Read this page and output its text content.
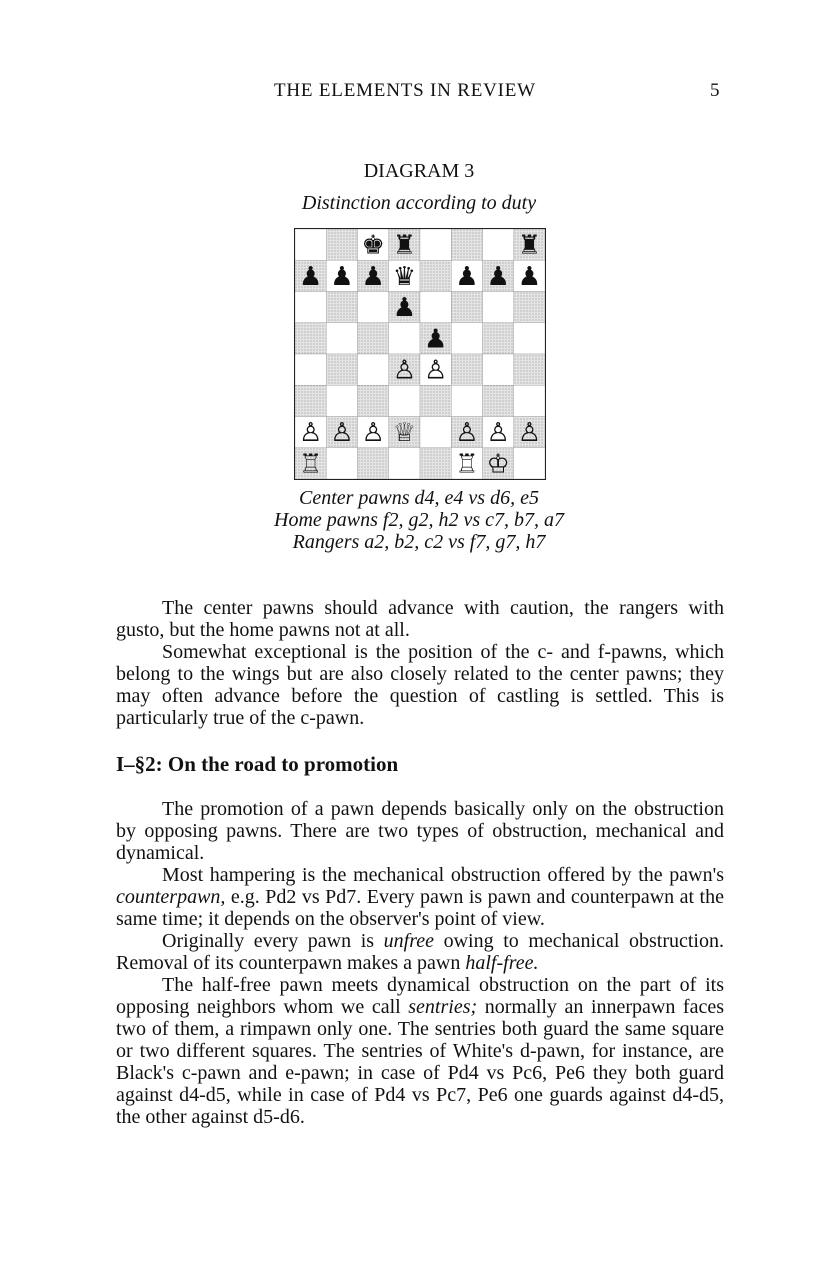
THE ELEMENTS IN REVIEW	5
DIAGRAM 3
Distinction according to duty
♚ ♜	♜
♟ ♟ ♟ ♛ ♟ ♟ ♟
♟
♟
♙ ♙
♙ ♙ ♙ ♕ ♙ ♙ ♙
♖	♖ ♔
Center pawns d4, e4 vs d6, e5
Home pawns f2, g2, h2 vs c7, b7, a7
Rangers a2, b2, c2 vs f7, g7, h7

The center pawns should advance with caution, the rangers with gusto, but the home pawns not at all.

Somewhat exceptional is the position of the c- and f-pawns, which belong to the wings but are also closely related to the center pawns; they may often advance before the question of castling is settled. This is particularly true of the c-pawn.

I–§2: On the road to promotion

The promotion of a pawn depends basically only on the obstruction by opposing pawns. There are two types of obstruction, mechanical and dynamical.

Most hampering is the mechanical obstruction offered by the pawn's counterpawn, e.g. Pd2 vs Pd7. Every pawn is pawn and counterpawn at the same time; it depends on the observer's point of view.

Originally every pawn is unfree owing to mechanical obstruction. Removal of its counterpawn makes a pawn half-free.

The half-free pawn meets dynamical obstruction on the part of its opposing neighbors whom we call sentries; normally an innerpawn faces two of them, a rimpawn only one. The sentries both guard the same square or two different squares. The sentries of White's d-pawn, for instance, are Black's c-pawn and e-pawn; in case of Pd4 vs Pc6, Pe6 they both guard against d4-d5, while in case of Pd4 vs Pc7, Pe6 one guards against d4-d5, the other against d5-d6.
